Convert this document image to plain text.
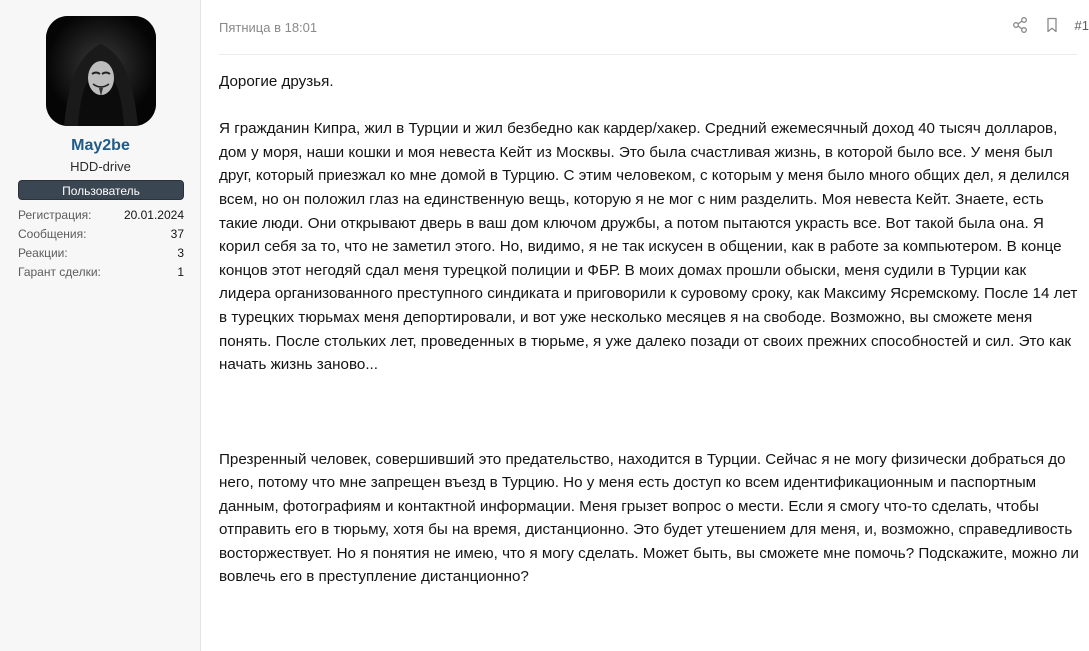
May2be
HDD-drive
Пользователь
Регистрация:	20.01.2024
Сообщения:	37
Реакции:	3
Гарант сделки:	1
Пятница в 18:01	#1

Дорогие друзья.

Я гражданин Кипра, жил в Турции и жил безбедно как кардер/хакер. Средний ежемесячный доход 40 тысяч долларов, дом у моря, наши кошки и моя невеста Кейт из Москвы. Это была счастливая жизнь, в которой было все. У меня был друг, который приезжал ко мне домой в Турцию. С этим человеком, с которым у меня было много общих дел, я делился всем, но он положил глаз на единственную вещь, которую я не мог с ним разделить. Моя невеста Кейт. Знаете, есть такие люди. Они открывают дверь в ваш дом ключом дружбы, а потом пытаются украсть все. Вот такой была она. Я корил себя за то, что не заметил этого. Но, видимо, я не так искусен в общении, как в работе за компьютером. В конце концов этот негодяй сдал меня турецкой полиции и ФБР. В моих домах прошли обыски, меня судили в Турции как лидера организованного преступного синдиката и приговорили к суровому сроку, как Максиму Ясремскому. После 14 лет в турецких тюрьмах меня депортировали, и вот уже несколько месяцев я на свободе. Возможно, вы сможете меня понять. После стольких лет, проведенных в тюрьме, я уже далеко позади от своих прежних способностей и сил. Это как начать жизнь заново...

Презренный человек, совершивший это предательство, находится в Турции. Сейчас я не могу физически добраться до него, потому что мне запрещен въезд в Турцию. Но у меня есть доступ ко всем идентификационным и паспортным данным, фотографиям и контактной информации. Меня грызет вопрос о мести. Если я смогу что-то сделать, чтобы отправить его в тюрьму, хотя бы на время, дистанционно. Это будет утешением для меня, и, возможно, справедливость восторжествует. Но я понятия не имею, что я могу сделать. Может быть, вы сможете мне помочь? Подскажите, можно ли вовлечь его в преступление дистанционно?
